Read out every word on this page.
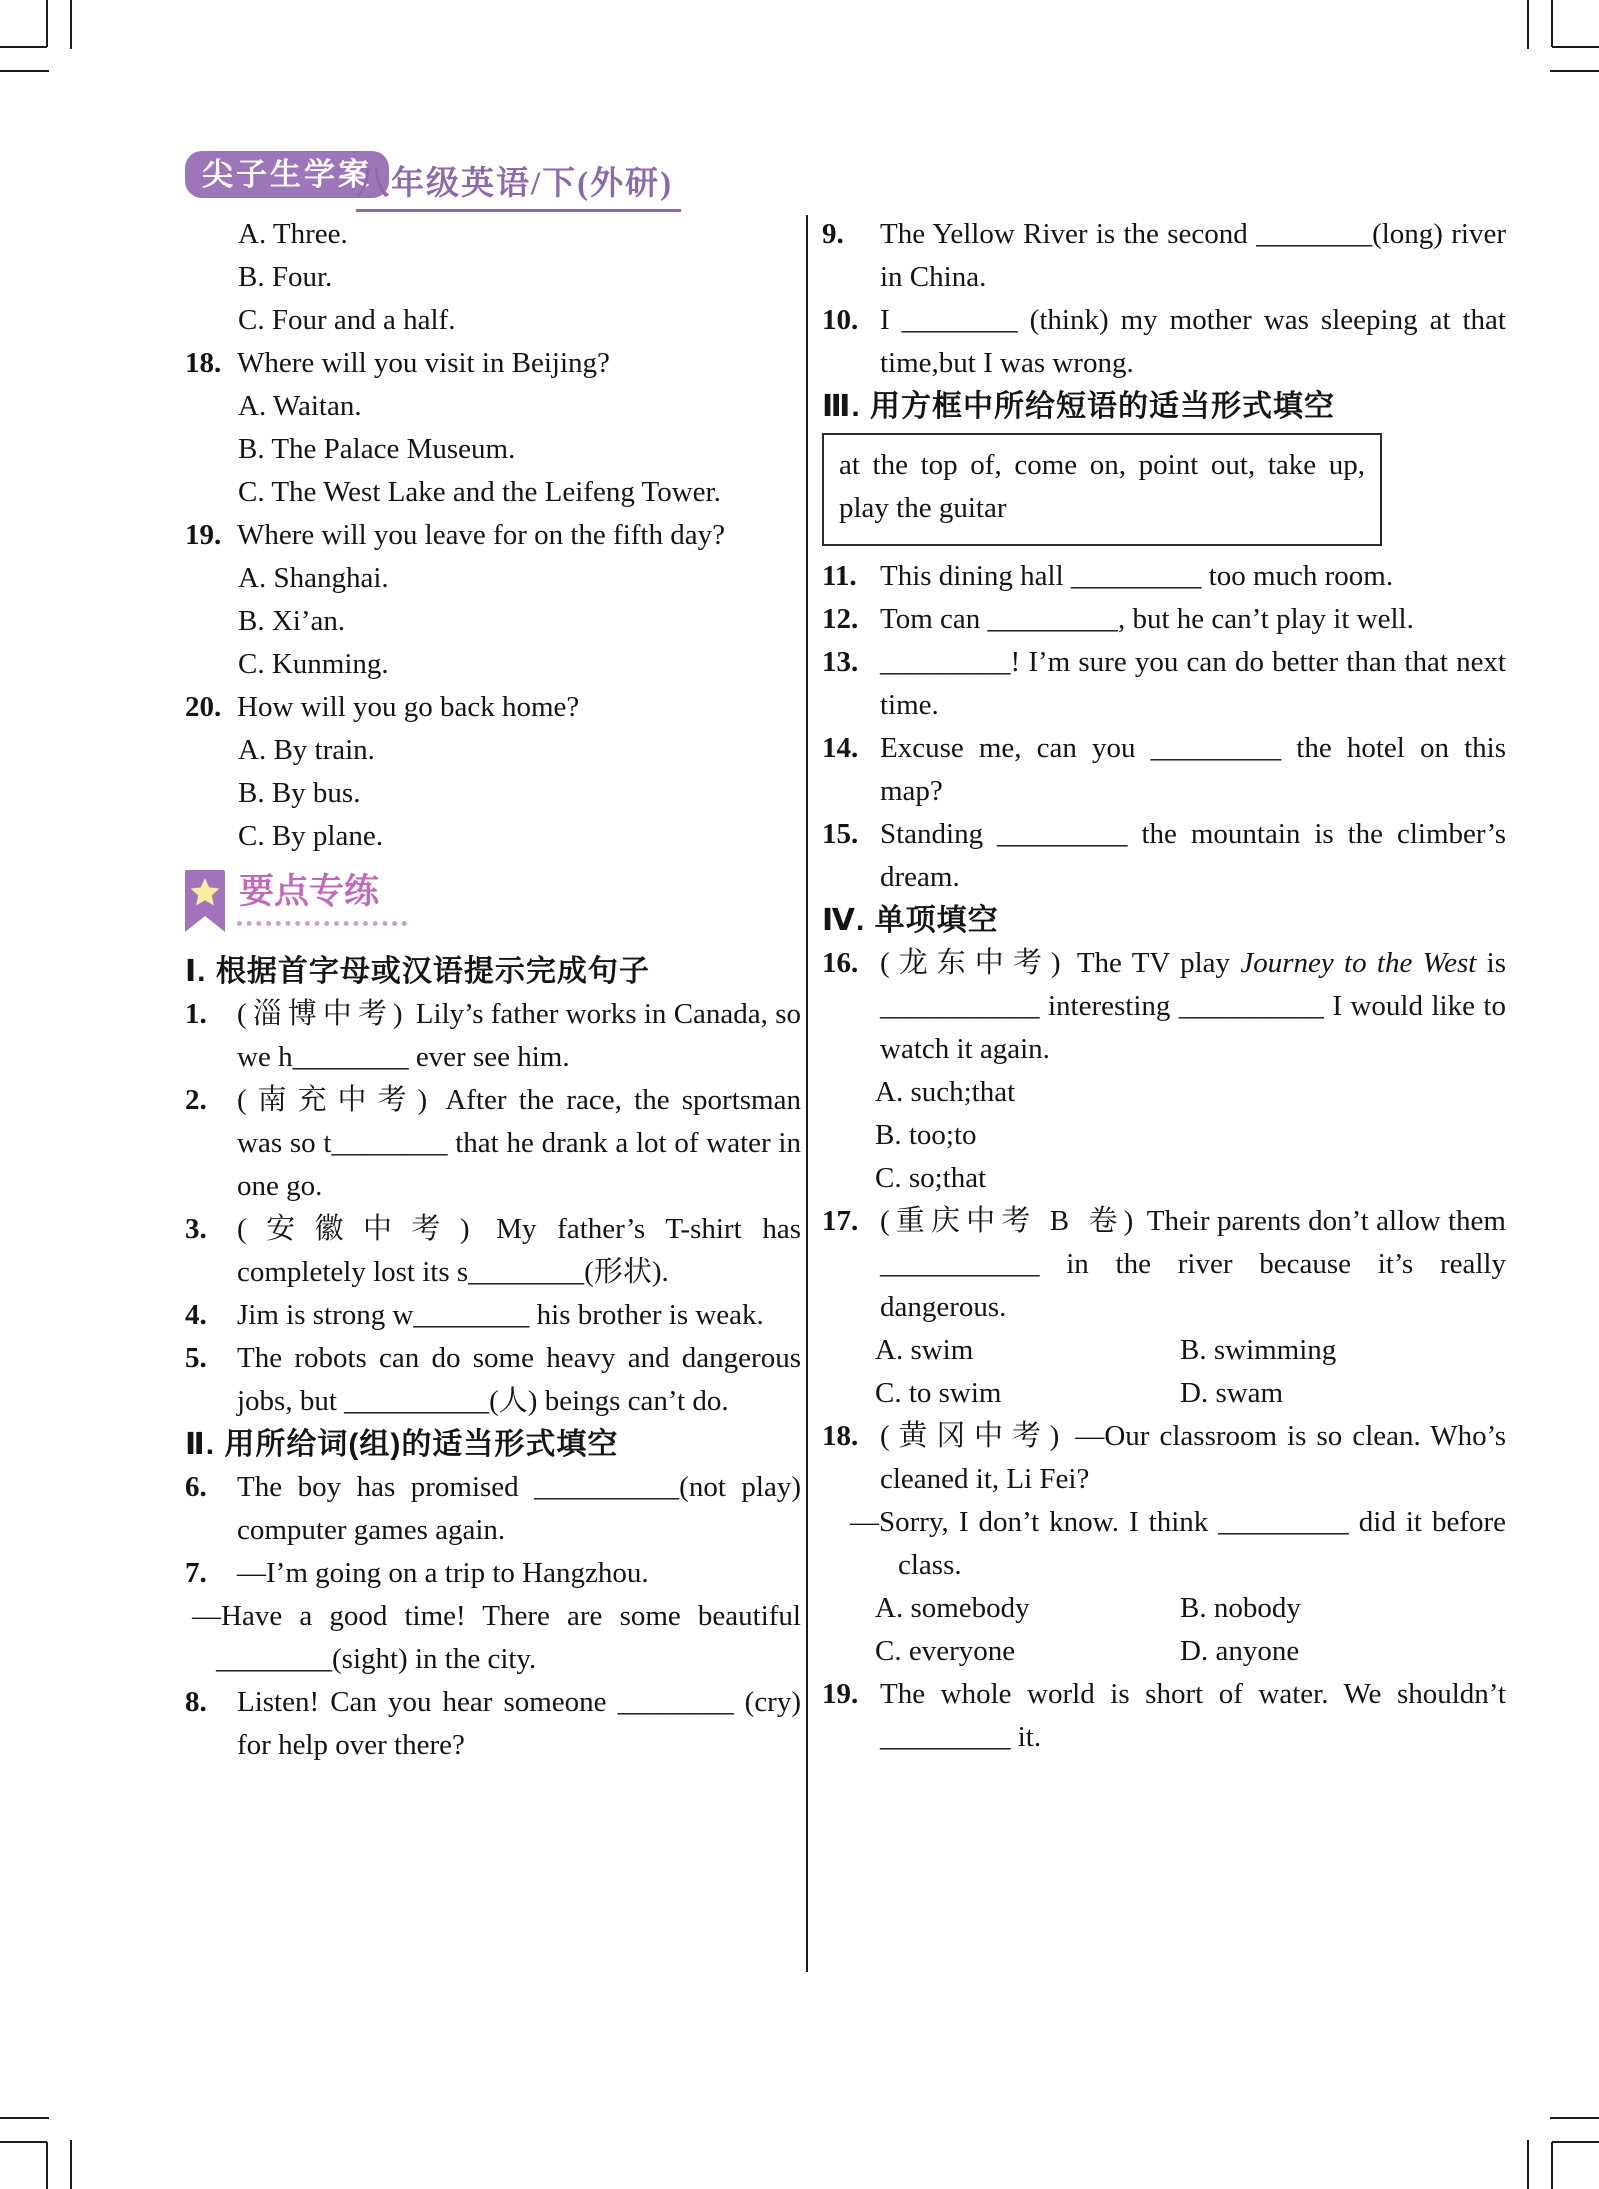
尖子生学案
八年级英语/下(外研)

A. Three.

B. Four.

C. Four and a half.

18. Where will you visit in Beijing?

A. Waitan.

B. The Palace Museum.

C. The West Lake and the Leifeng Tower.

19. Where will you leave for on the fifth day?

A. Shanghai.

B. Xi’an.

C. Kunming.

20. How will you go back home?

A. By train.

B. By bus.

C. By plane.

要点专练

Ⅰ. 根据首字母或汉语提示完成句子

1. (淄博中考) Lily’s father works in Canada, so we h________ ever see him.

2. (南充中考) After the race, the sportsman was so t________ that he drank a lot of water in one go.

3. (安徽中考) My father’s T-shirt has completely lost its s________(形状).

4. Jim is strong w________ his brother is weak.

5. The robots can do some heavy and dangerous jobs, but __________(人) beings can’t do.

Ⅱ. 用所给词(组)的适当形式填空

6. The boy has promised __________(not play) computer games again.

7. —I’m going on a trip to Hangzhou.

—Have a good time! There are some beautiful ________(sight) in the city.

8. Listen! Can you hear someone ________ (cry) for help over there?

9. The Yellow River is the second ________(long) river in China.

10. I ________ (think) my mother was sleeping at that time,but I was wrong.

Ⅲ. 用方框中所给短语的适当形式填空

at the top of, come on, point out, take up, play the guitar

11. This dining hall _________ too much room.

12. Tom can _________, but he can’t play it well.

13. _________! I’m sure you can do better than that next time.

14. Excuse me, can you _________ the hotel on this map?

15. Standing _________ the mountain is the climber’s dream.

Ⅳ. 单项填空

16. (龙东中考) The TV play Journey to the West is ___________ interesting __________ I would like to watch it again.

A. such;that

B. too;to

C. so;that

17. (重庆中考 B 卷) Their parents don’t allow them ___________ in the river because it’s really dangerous.

A. swim	B. swimming

C. to swim	D. swam

18. (黄冈中考) —Our classroom is so clean. Who’s cleaned it, Li Fei?

—Sorry, I don’t know. I think _________ did it before class.

A. somebody	B. nobody

C. everyone	D. anyone

19. The whole world is short of water. We shouldn’t _________ it.
